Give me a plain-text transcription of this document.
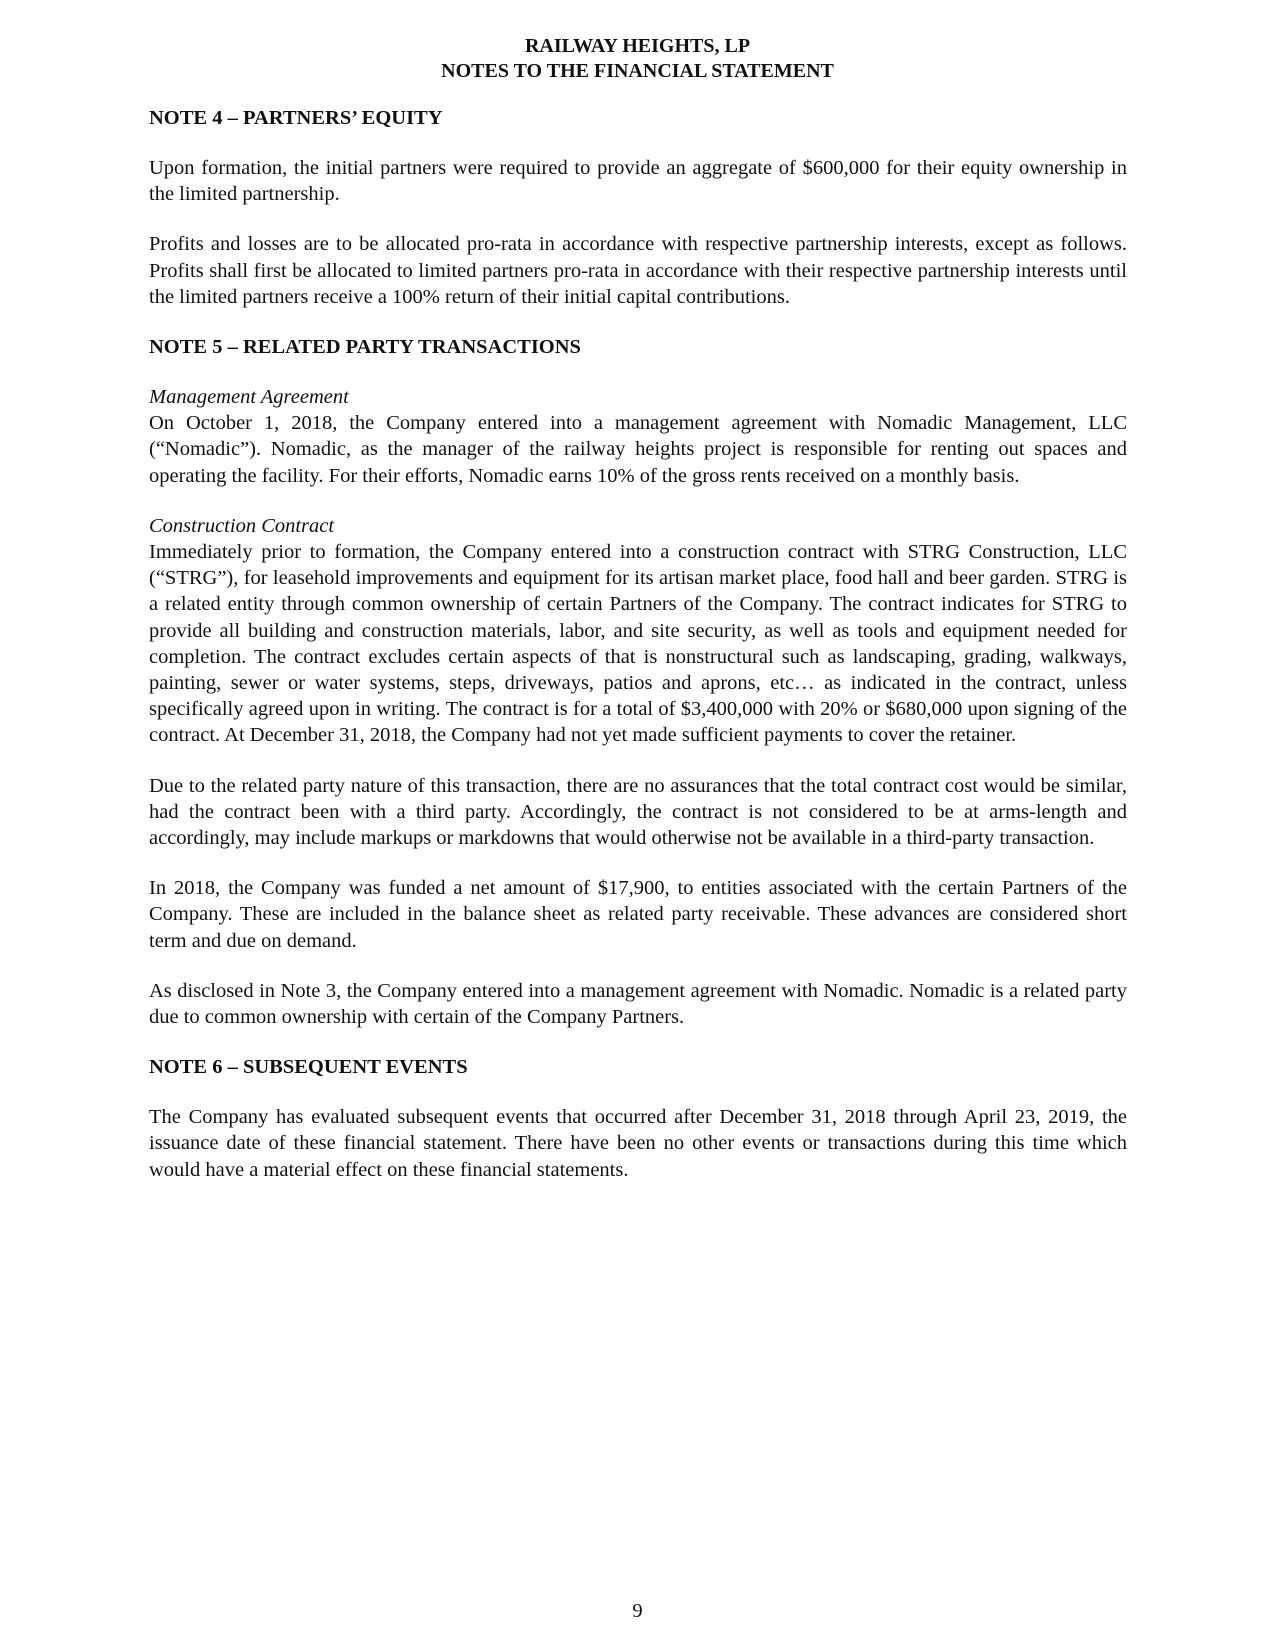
RAILWAY HEIGHTS, LP
NOTES TO THE FINANCIAL STATEMENT
NOTE 4 – PARTNERS’ EQUITY

Upon formation, the initial partners were required to provide an aggregate of $600,000 for their equity ownership in the limited partnership.

Profits and losses are to be allocated pro-rata in accordance with respective partnership interests, except as follows. Profits shall first be allocated to limited partners pro-rata in accordance with their respective partnership interests until the limited partners receive a 100% return of their initial capital contributions.

NOTE 5 – RELATED PARTY TRANSACTIONS

Management Agreement

On October 1, 2018, the Company entered into a management agreement with Nomadic Management, LLC (“Nomadic”). Nomadic, as the manager of the railway heights project is responsible for renting out spaces and operating the facility. For their efforts, Nomadic earns 10% of the gross rents received on a monthly basis.

Construction Contract

Immediately prior to formation, the Company entered into a construction contract with STRG Construction, LLC (“STRG”), for leasehold improvements and equipment for its artisan market place, food hall and beer garden. STRG is a related entity through common ownership of certain Partners of the Company. The contract indicates for STRG to provide all building and construction materials, labor, and site security, as well as tools and equipment needed for completion. The contract excludes certain aspects of that is nonstructural such as landscaping, grading, walkways, painting, sewer or water systems, steps, driveways, patios and aprons, etc… as indicated in the contract, unless specifically agreed upon in writing. The contract is for a total of $3,400,000 with 20% or $680,000 upon signing of the contract. At December 31, 2018, the Company had not yet made sufficient payments to cover the retainer.

Due to the related party nature of this transaction, there are no assurances that the total contract cost would be similar, had the contract been with a third party. Accordingly, the contract is not considered to be at arms-length and accordingly, may include markups or markdowns that would otherwise not be available in a third-party transaction.

In 2018, the Company was funded a net amount of $17,900, to entities associated with the certain Partners of the Company. These are included in the balance sheet as related party receivable. These advances are considered short term and due on demand.

As disclosed in Note 3, the Company entered into a management agreement with Nomadic. Nomadic is a related party due to common ownership with certain of the Company Partners.

NOTE 6 – SUBSEQUENT EVENTS

The Company has evaluated subsequent events that occurred after December 31, 2018 through April 23, 2019, the issuance date of these financial statement. There have been no other events or transactions during this time which would have a material effect on these financial statements.

9
